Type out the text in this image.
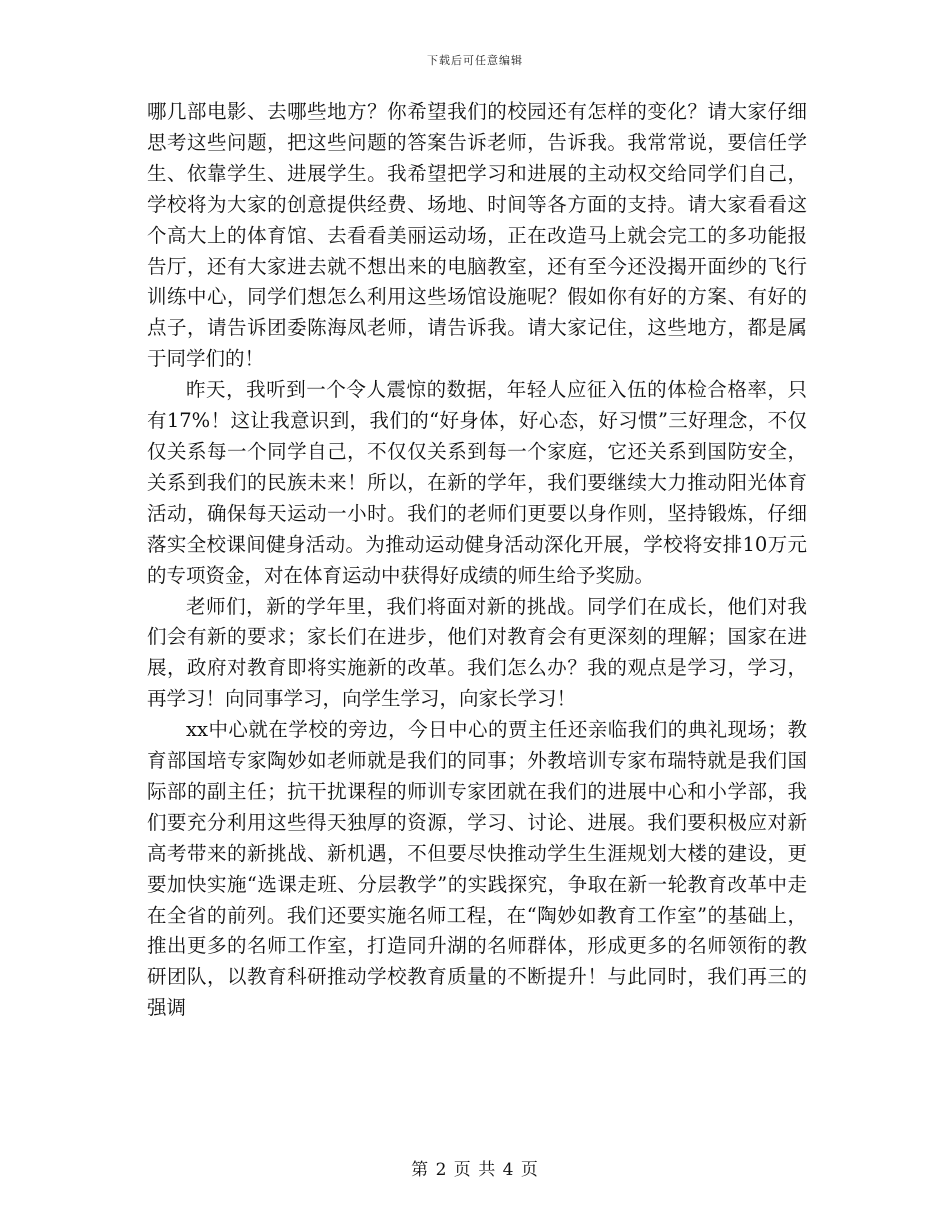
下载后可任意编辑

哪几部电影、去哪些地方？你希望我们的校园还有怎样的变化？请大家仔细思考这些问题，把这些问题的答案告诉老师，告诉我。我常常说，要信任学生、依靠学生、进展学生。我希望把学习和进展的主动权交给同学们自己，学校将为大家的创意提供经费、场地、时间等各方面的支持。请大家看看这个高大上的体育馆、去看看美丽运动场，正在改造马上就会完工的多功能报告厅，还有大家进去就不想出来的电脑教室，还有至今还没揭开面纱的飞行训练中心，同学们想怎么利用这些场馆设施呢？假如你有好的方案、有好的点子，请告诉团委陈海凤老师，请告诉我。请大家记住，这些地方，都是属于同学们的！

昨天，我听到一个令人震惊的数据，年轻人应征入伍的体检合格率，只有17%！这让我意识到，我们的“好身体，好心态，好习惯”三好理念，不仅仅关系每一个同学自己，不仅仅关系到每一个家庭，它还关系到国防安全，关系到我们的民族未来！所以，在新的学年，我们要继续大力推动阳光体育活动，确保每天运动一小时。我们的老师们更要以身作则，坚持锻炼，仔细落实全校课间健身活动。为推动运动健身活动深化开展，学校将安排10万元的专项资金，对在体育运动中获得好成绩的师生给予奖励。

老师们，新的学年里，我们将面对新的挑战。同学们在成长，他们对我们会有新的要求；家长们在进步，他们对教育会有更深刻的理解；国家在进展，政府对教育即将实施新的改革。我们怎么办？我的观点是学习，学习，再学习！向同事学习，向学生学习，向家长学习！

xx中心就在学校的旁边，今日中心的贾主任还亲临我们的典礼现场；教育部国培专家陶妙如老师就是我们的同事；外教培训专家布瑞特就是我们国际部的副主任；抗干扰课程的师训专家团就在我们的进展中心和小学部，我们要充分利用这些得天独厚的资源，学习、讨论、进展。我们要积极应对新高考带来的新挑战、新机遇，不但要尽快推动学生生涯规划大楼的建设，更要加快实施“选课走班、分层教学”的实践探究，争取在新一轮教育改革中走在全省的前列。我们还要实施名师工程，在“陶妙如教育工作室”的基础上，推出更多的名师工作室，打造同升湖的名师群体，形成更多的名师领衔的教研团队，以教育科研推动学校教育质量的不断提升！与此同时，我们再三的强调

第 2 页 共 4 页
